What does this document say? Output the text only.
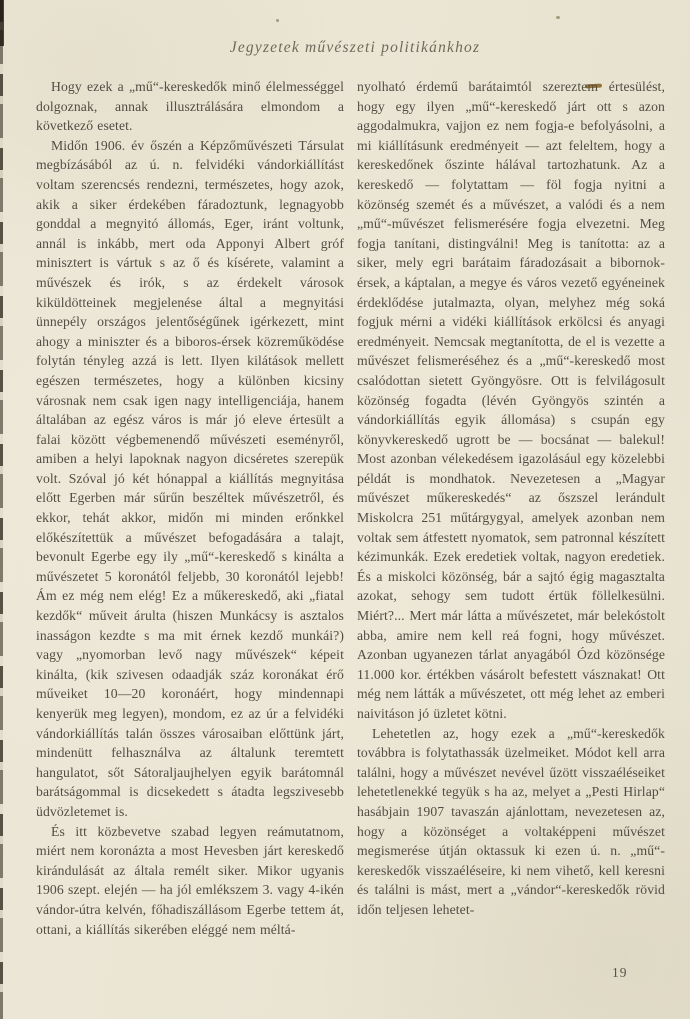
Jegyzetek művészeti politikánkhoz

Hogy ezek a „mű“-kereskedők minő élelmességgel dolgoznak, annak illusztrálására elmondom a következő esetet.

Midőn 1906. év őszén a Képzőművészeti Társulat megbízásából az ú. n. felvidéki vándorkiállítást voltam szerencsés rendezni, természetes, hogy azok, akik a siker érdekében fáradoztunk, legnagyobb gonddal a megnyitó állomás, Eger, iránt voltunk, annál is inkább, mert oda Apponyi Albert gróf minisztert is vártuk s az ő és kísérete, valamint a művészek és irók, s az érdekelt városok kiküldötteinek megjelenése által a megnyitási ünnepély országos jelentőségűnek igérkezett, mint ahogy a miniszter és a biboros-érsek közreműködése folytán tényleg azzá is lett. Ilyen kilátások mellett egészen természetes, hogy a különben kicsiny városnak nem csak igen nagy intelligenciája, hanem általában az egész város is már jó eleve értesült a falai között végbemenendő művészeti eseményről, amiben a helyi lapoknak nagyon dicséretes szerepük volt. Szóval jó két hónappal a kiállítás megnyitása előtt Egerben már sűrűn beszéltek művészetről, és ekkor, tehát akkor, midőn mi minden erőnkkel előkészítettük a művészet befogadására a talajt, bevonult Egerbe egy ily „mű“-kereskedő s kinálta a művészetet 5 koronától feljebb, 30 koronától lejebb! Ám ez még nem elég! Ez a műkereskedő, aki „fiatal kezdők“ műveit árulta (hiszen Munkácsy is asztalos inasságon kezdte s ma mit érnek kezdő munkái?) vagy „nyomorban levő nagy művészek“ képeit kinálta, (kik szivesen odaadják száz koronákat érő műveiket 10—20 koronáért, hogy mindennapi kenyerük meg legyen), mondom, ez az úr a felvidéki vándorkiállítás talán összes városaiban előttünk járt, mindenütt felhasználva az általunk teremtett hangulatot, sőt Sátoraljaujhelyen egyik barátomnál barátságommal is dicsekedett s átadta legszivesebb üdvözletemet is.

És itt közbevetve szabad legyen reámutatnom, miért nem koronázta a most Hevesben járt kereskedő kirándulását az általa remélt siker. Mikor ugyanis 1906 szept. elején — ha jól emlékszem 3. vagy 4-ikén vándor-útra kelvén, főhadiszállásom Egerbe tettem át, ottani, a kiállítás sikerében eléggé nem méltá-

nyolható érdemű barátaimtól szereztem értesülést, hogy egy ilyen „mű“-kereskedő járt ott s azon aggodalmukra, vajjon ez nem fogja-e befolyásolni, a mi kiállításunk eredményeit — azt feleltem, hogy a kereskedőnek őszinte hálával tartozhatunk. Az a kereskedő — folytattam — föl fogja nyitni a közönség szemét és a művészet, a valódi és a nem „mű“-művészet felismerésére fogja elvezetni. Meg fogja tanítani, distingválni! Meg is tanította: az a siker, mely egri barátaim fáradozásait a bibornok-érsek, a káptalan, a megye és város vezető egyéneinek érdeklődése jutalmazta, olyan, melyhez még soká fogjuk mérni a vidéki kiállítások erkölcsi és anyagi eredményeit. Nemcsak megtanította, de el is vezette a művészet felismeréséhez és a „mű“-kereskedő most csalódottan sietett Gyöngyösre. Ott is felvilágosult közönség fogadta (lévén Gyöngyös szintén a vándorkiállítás egyik állomása) s csupán egy könyvkereskedő ugrott be — bocsánat — balekul! Most azonban vélekedésem igazolásául egy közelebbi példát is mondhatok. Nevezetesen a „Magyar művészet műkereskedés“ az őszszel lerándult Miskolcra 251 műtárgygyal, amelyek azonban nem voltak sem átfestett nyomatok, sem patronnal készített kézimunkák. Ezek eredetiek voltak, nagyon eredetiek. És a miskolci közönség, bár a sajtó égig magasztalta azokat, sehogy sem tudott értük föllelkesülni. Miért?... Mert már látta a művészetet, már belekóstolt abba, amire nem kell reá fogni, hogy művészet. Azonban ugyanezen tárlat anyagából Ózd közönsége 11.000 kor. értékben vásárolt befestett vásznakat! Ott még nem látták a művészetet, ott még lehet az emberi naivitáson jó üzletet kötni.

Lehetetlen az, hogy ezek a „mű“-kereskedők továbbra is folytathassák üzelmeiket. Módot kell arra találni, hogy a művészet nevével űzött visszaéléseiket lehetetlenekké tegyük s ha az, melyet a „Pesti Hirlap“ hasábjain 1907 tavaszán ajánlottam, nevezetesen az, hogy a közönséget a voltaképpeni művészet megismerése útján oktassuk ki ezen ú. n. „mű“-kereskedők visszaéléseire, ki nem vihető, kell keresni és találni is mást, mert a „vándor“-kereskedők rövid időn teljesen lehetet-

19
